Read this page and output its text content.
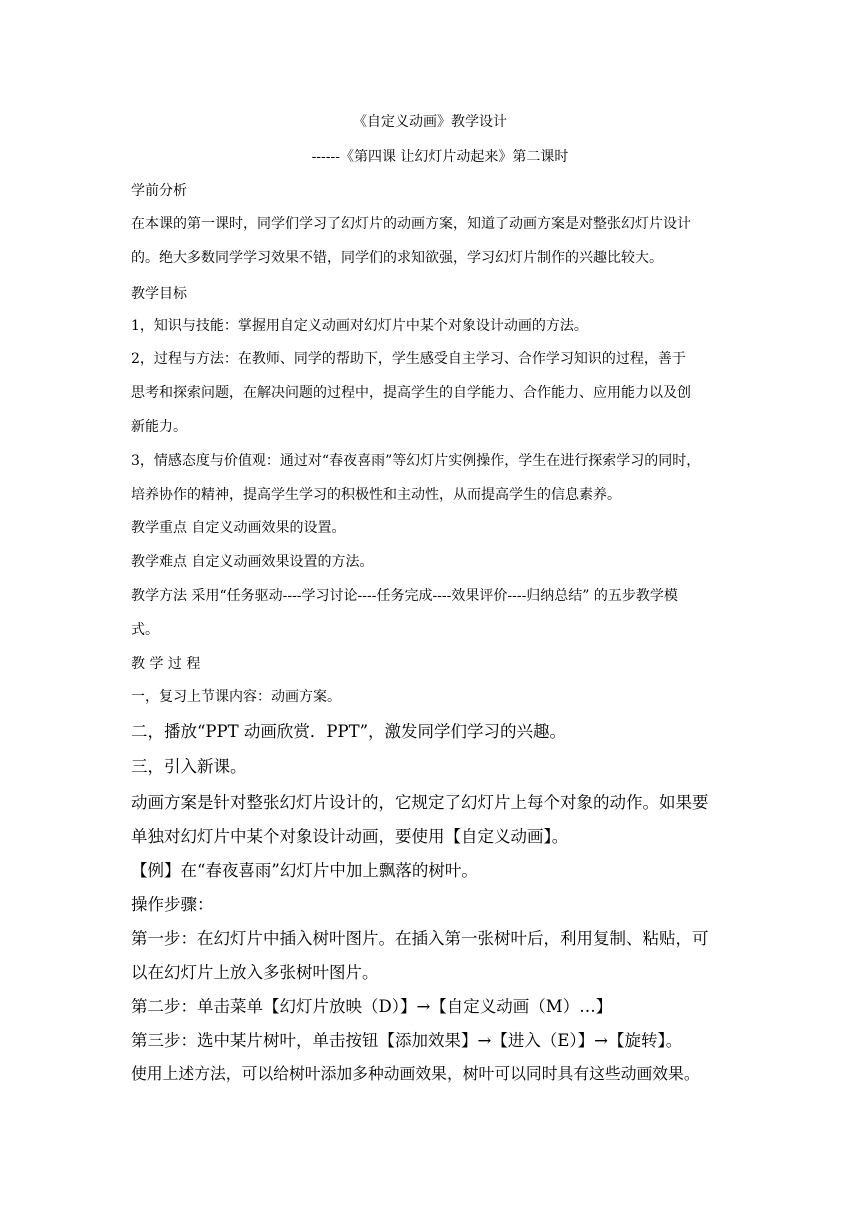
《自定义动画》教学设计
------《第四课 让幻灯片动起来》第二课时
学前分析
在本课的第一课时，同学们学习了幻灯片的动画方案，知道了动画方案是对整张幻灯片设计
的。绝大多数同学学习效果不错，同学们的求知欲强，学习幻灯片制作的兴趣比较大。
教学目标
1，知识与技能：掌握用自定义动画对幻灯片中某个对象设计动画的方法。
2，过程与方法：在教师、同学的帮助下，学生感受自主学习、合作学习知识的过程，善于
思考和探索问题，在解决问题的过程中，提高学生的自学能力、合作能力、应用能力以及创
新能力。
3，情感态度与价值观：通过对“春夜喜雨”等幻灯片实例操作，学生在进行探索学习的同时，
培养协作的精神，提高学生学习的积极性和主动性，从而提高学生的信息素养。
教学重点 自定义动画效果的设置。
教学难点 自定义动画效果设置的方法。
教学方法 采用“任务驱动----学习讨论----任务完成----效果评价----归纳总结” 的五步教学模
式。
教 学 过 程
一，复习上节课内容：动画方案。
二，播放“PPT 动画欣赏．PPT”，激发同学们学习的兴趣。
三，引入新课。
动画方案是针对整张幻灯片设计的，它规定了幻灯片上每个对象的动作。如果要
单独对幻灯片中某个对象设计动画，要使用【自定义动画】。
【例】在“春夜喜雨”幻灯片中加上飘落的树叶。
操作步骤：
第一步：在幻灯片中插入树叶图片。在插入第一张树叶后，利用复制、粘贴，可
以在幻灯片上放入多张树叶图片。
第二步：单击菜单【幻灯片放映（D）】→【自定义动画（M）…】
第三步：选中某片树叶，单击按钮【添加效果】→【进入（E）】→【旋转】。
使用上述方法，可以给树叶添加多种动画效果，树叶可以同时具有这些动画效果。
